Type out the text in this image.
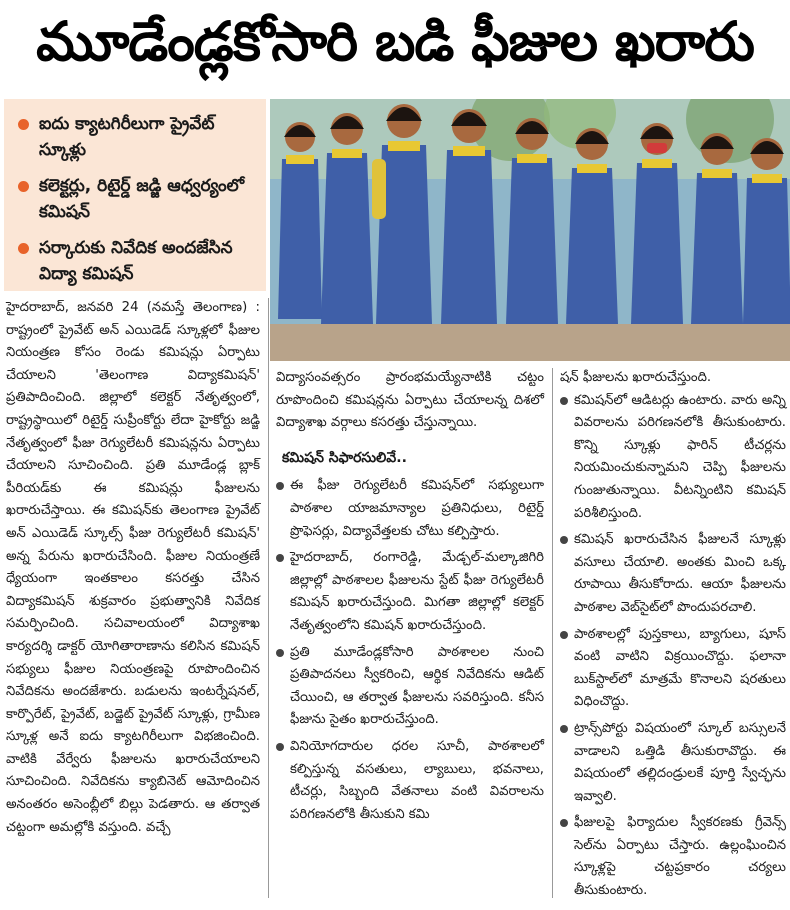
మూడేండ్లకోసారి బడి ఫీజుల ఖరారు
ఐదు క్యాటగిరీలుగా ప్రైవేట్ స్కూళ్లు
కలెక్టర్లు, రిటైర్డ్ జడ్జి ఆధ్వర్యంలో కమిషన్
సర్కారుకు నివేదిక అందజేసిన విద్యా కమిషన్

హైదరాబాద్, జనవరి 24 (నమస్తే తెలంగాణ) : రాష్ట్రంలో ప్రైవేట్ అన్ ఎయిడెడ్ స్కూళ్లలో ఫీజుల నియంత్రణ కోసం రెండు కమిషన్లు ఏర్పాటు చేయాలని 'తెలంగాణ విద్యాకమిషన్' ప్రతిపాదించింది. జిల్లాలో కలెక్టర్ నేతృత్వంలో, రాష్ట్రస్థాయిలో రిటైర్డ్ సుప్రీంకోర్టు లేదా హైకోర్టు జడ్జి నేతృత్వంలో ఫీజు రెగ్యులేటరీ కమిషన్లను ఏర్పాటు చేయాలని సూచించింది. ప్రతి మూడేండ్ల బ్లాక్ పీరియడ్‌కు ఈ కమిషన్లు ఫీజులను ఖరారుచేస్తాయి. ఈ కమిషన్‌కు తెలంగాణ ప్రైవేట్ అన్ ఎయిడెడ్ స్కూల్స్ ఫీజు రెగ్యులేటరీ కమిషన్' అన్న పేరును ఖరారుచేసింది. ఫీజుల నియంత్రణే ధ్యేయంగా ఇంతకాలం కసరత్తు చేసిన విద్యాకమిషన్ శుక్రవారం ప్రభుత్వానికి నివేదిక సమర్పించింది. సచివాలయంలో విద్యాశాఖ కార్యదర్శి డాక్టర్ యోగితారాణాను కలిసిన కమిషన్ సభ్యులు ఫీజుల నియంత్రణపై రూపొందించిన నివేదికను అందజేశారు. బడులను ఇంటర్నేషనల్, కార్పొరేట్, ప్రైవేట్, బడ్జెట్ ప్రైవేట్ స్కూళ్లు, గ్రామీణ స్కూళ్ల అనే ఐదు క్యాటగిరీలుగా విభజించింది. వాటికి వేర్వేరు ఫీజులను ఖరారుచేయాలని సూచించింది. నివేదికను క్యాబినెట్ ఆమోదించిన అనంతరం అసెంబ్లీలో బిల్లు పెడతారు. ఆ తర్వాత చట్టంగా అమల్లోకి వస్తుంది. వచ్చే

విద్యాసంవత్సరం ప్రారంభమయ్యేనాటికి చట్టం రూపొందించి కమిషన్లను ఏర్పాటు చేయాలన్న దిశలో విద్యాశాఖ వర్గాలు కసరత్తు చేస్తున్నాయి.

కమిషన్ సిఫారసులివే..

ఈ ఫీజు రెగ్యులేటరీ కమిషన్‌లో సభ్యులుగా పాఠశాల యాజమాన్యాల ప్రతినిధులు, రిటైర్డ్ ప్రొఫెసర్లు, విద్యావేత్తలకు చోటు కల్పిస్తారు.
హైదరాబాద్, రంగారెడ్డి, మేడ్చల్-మల్కాజిగిరి జిల్లాల్లో పాఠశాలల ఫీజులను స్టేట్ ఫీజు రెగ్యులేటరీ కమిషన్ ఖరారుచేస్తుంది. మిగతా జిల్లాల్లో కలెక్టర్ నేతృత్వంలోని కమిషన్ ఖరారుచేస్తుంది.
ప్రతి మూడేండ్లకోసారి పాఠశాలల నుంచి ప్రతిపాదనలు స్వీకరించి, ఆర్థిక నివేదికను ఆడిట్ చేయించి, ఆ తర్వాత ఫీజులను సవరిస్తుంది. కనీస ఫీజును సైతం ఖరారుచేస్తుంది.
వినియోగదారుల ధరల సూచీ, పాఠశాలలో కల్పిస్తున్న వసతులు, ల్యాబులు, భవనాలు, టీచర్లు, సిబ్బంది వేతనాలు వంటి వివరాలను పరిగణనలోకి తీసుకుని కమి

షన్ ఫీజులను ఖరారుచేస్తుంది.

కమిషన్‌లో ఆడిటర్లు ఉంటారు. వారు అన్ని వివరాలను పరిగణనలోకి తీసుకుంటారు. కొన్ని స్కూళ్లు ఫారిన్ టీచర్లను నియమించుకున్నామని చెప్పి ఫీజులను గుంజుతున్నాయి. వీటన్నింటిని కమిషన్ పరిశీలిస్తుంది.
కమిషన్ ఖరారుచేసిన ఫీజులనే స్కూళ్లు వసూలు చేయాలి. అంతకు మించి ఒక్క రూపాయి తీసుకోరాదు. ఆయా ఫీజులను పాఠశాల వెబ్‌సైట్‌లో పొందుపరచాలి.
పాఠశాలల్లో పుస్తకాలు, బ్యాగులు, షూస్ వంటి వాటిని విక్రయించొద్దు. ఫలానా బుక్‌స్టాల్‌లో మాత్రమే కొనాలని షరతులు విధించొద్దు.
ట్రాన్స్‌పోర్టు విషయంలో స్కూల్ బస్సులనే వాడాలని ఒత్తిడి తీసుకురావొద్దు. ఈ విషయంలో తల్లిదండ్రులకే పూర్తి స్వేచ్ఛను ఇవ్వాలి.
ఫీజులపై ఫిర్యాదుల స్వీకరణకు గ్రీవెన్స్ సెల్‌ను ఏర్పాటు చేస్తారు. ఉల్లంఘించిన స్కూళ్లపై చట్టప్రకారం చర్యలు తీసుకుంటారు.
